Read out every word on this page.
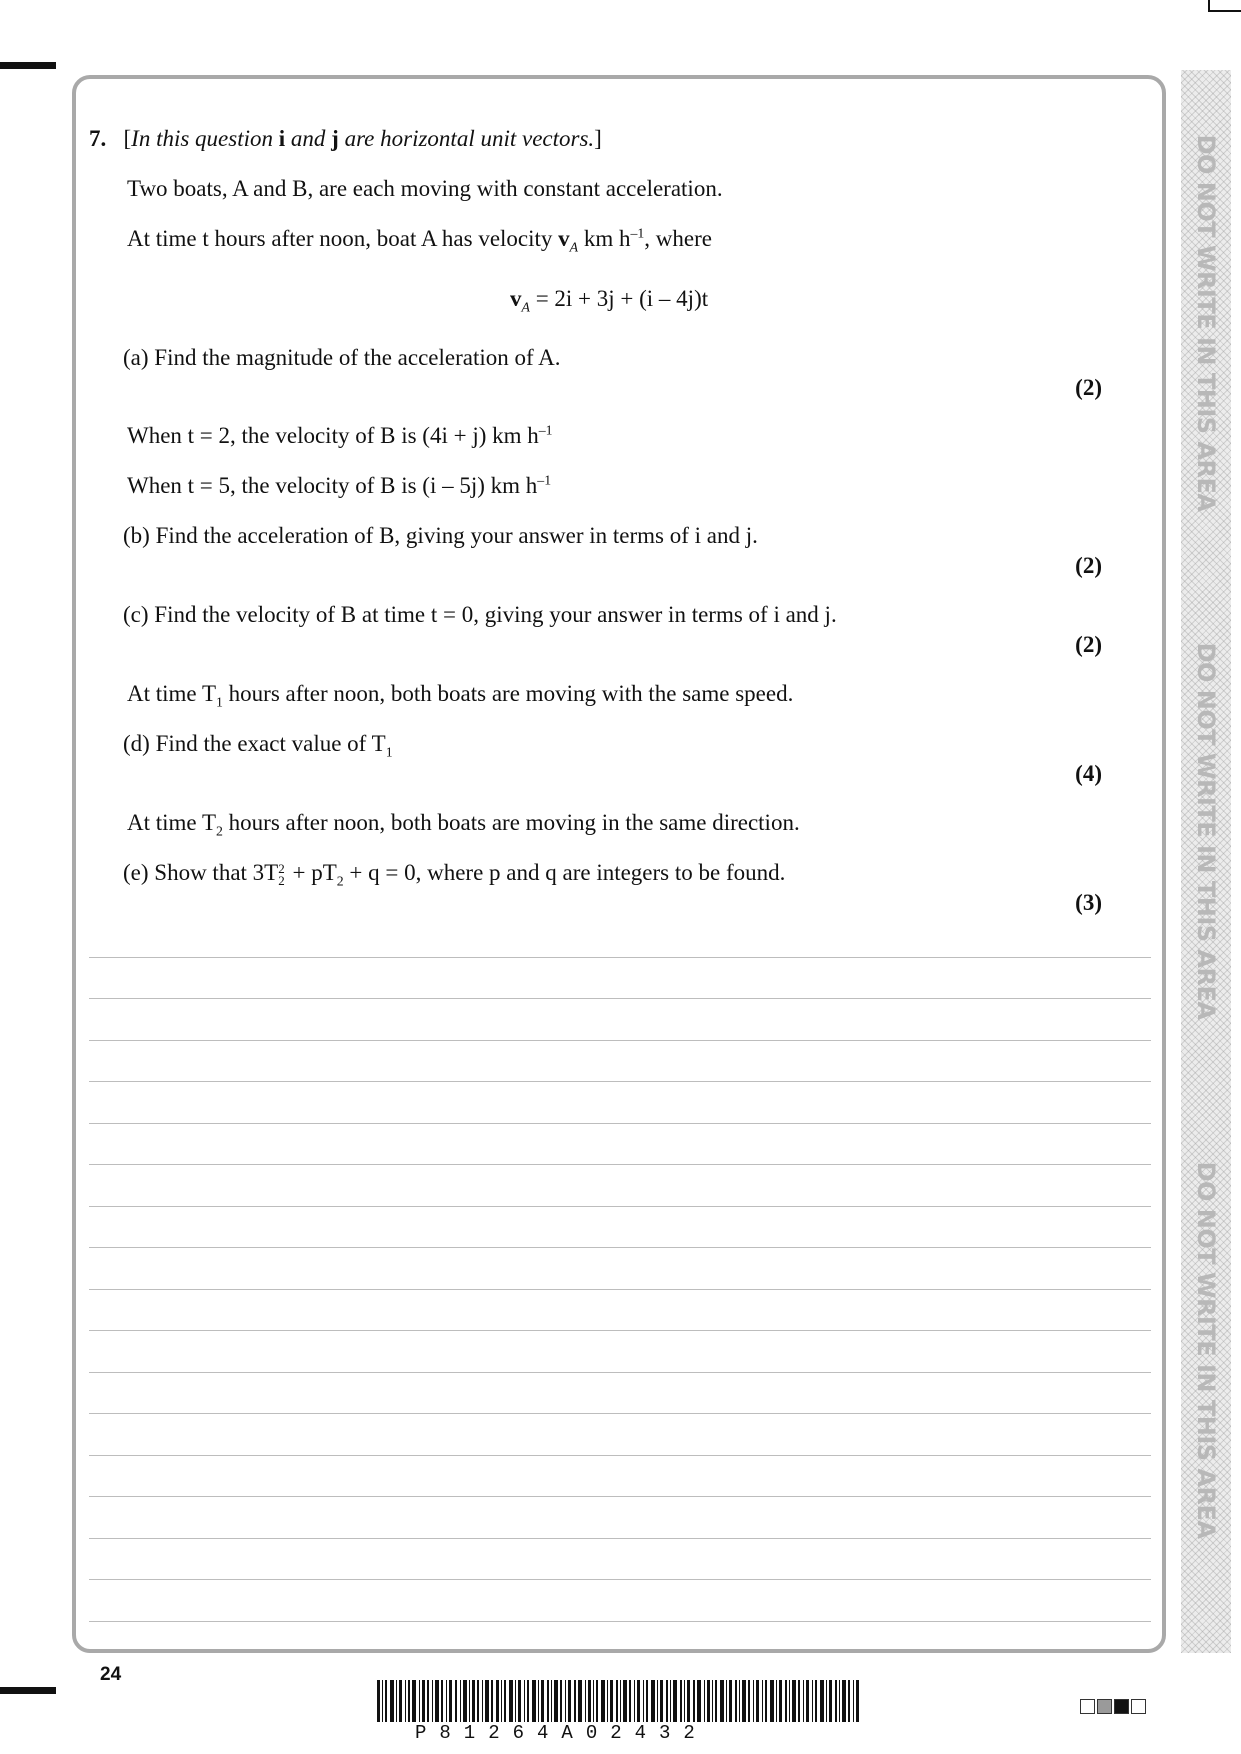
DO NOT WRITE IN THIS AREA
DO NOT WRITE IN THIS AREA
DO NOT WRITE IN THIS AREA
7. [In this question i and j are horizontal unit vectors.]
Two boats, A and B, are each moving with constant acceleration.
At time t hours after noon, boat A has velocity $v_A$ km $h^{-1}$, where
$v_A = 2i + 3j + (i - 4j)t$
(a) Find the magnitude of the acceleration of A.
(2)
When t = 2, the velocity of B is (4i + j) km $h^{-1}$
When t = 5, the velocity of B is (i – 5j) km $h^{-1}$
(b) Find the acceleration of B, giving your answer in terms of i and j.
(2)
(c) Find the velocity of B at time t = 0, giving your answer in terms of i and j.
(2)
At time $T_1$ hours after noon, both boats are moving with the same speed.
(d) Find the exact value of $T_1$
(4)
At time $T_2$ hours after noon, both boats are moving in the same direction.
(e) Show that 3T 2
$2 + pT_2 + q = 0$, where p and q are integers to be found.
(3)
24
P81264A02432
